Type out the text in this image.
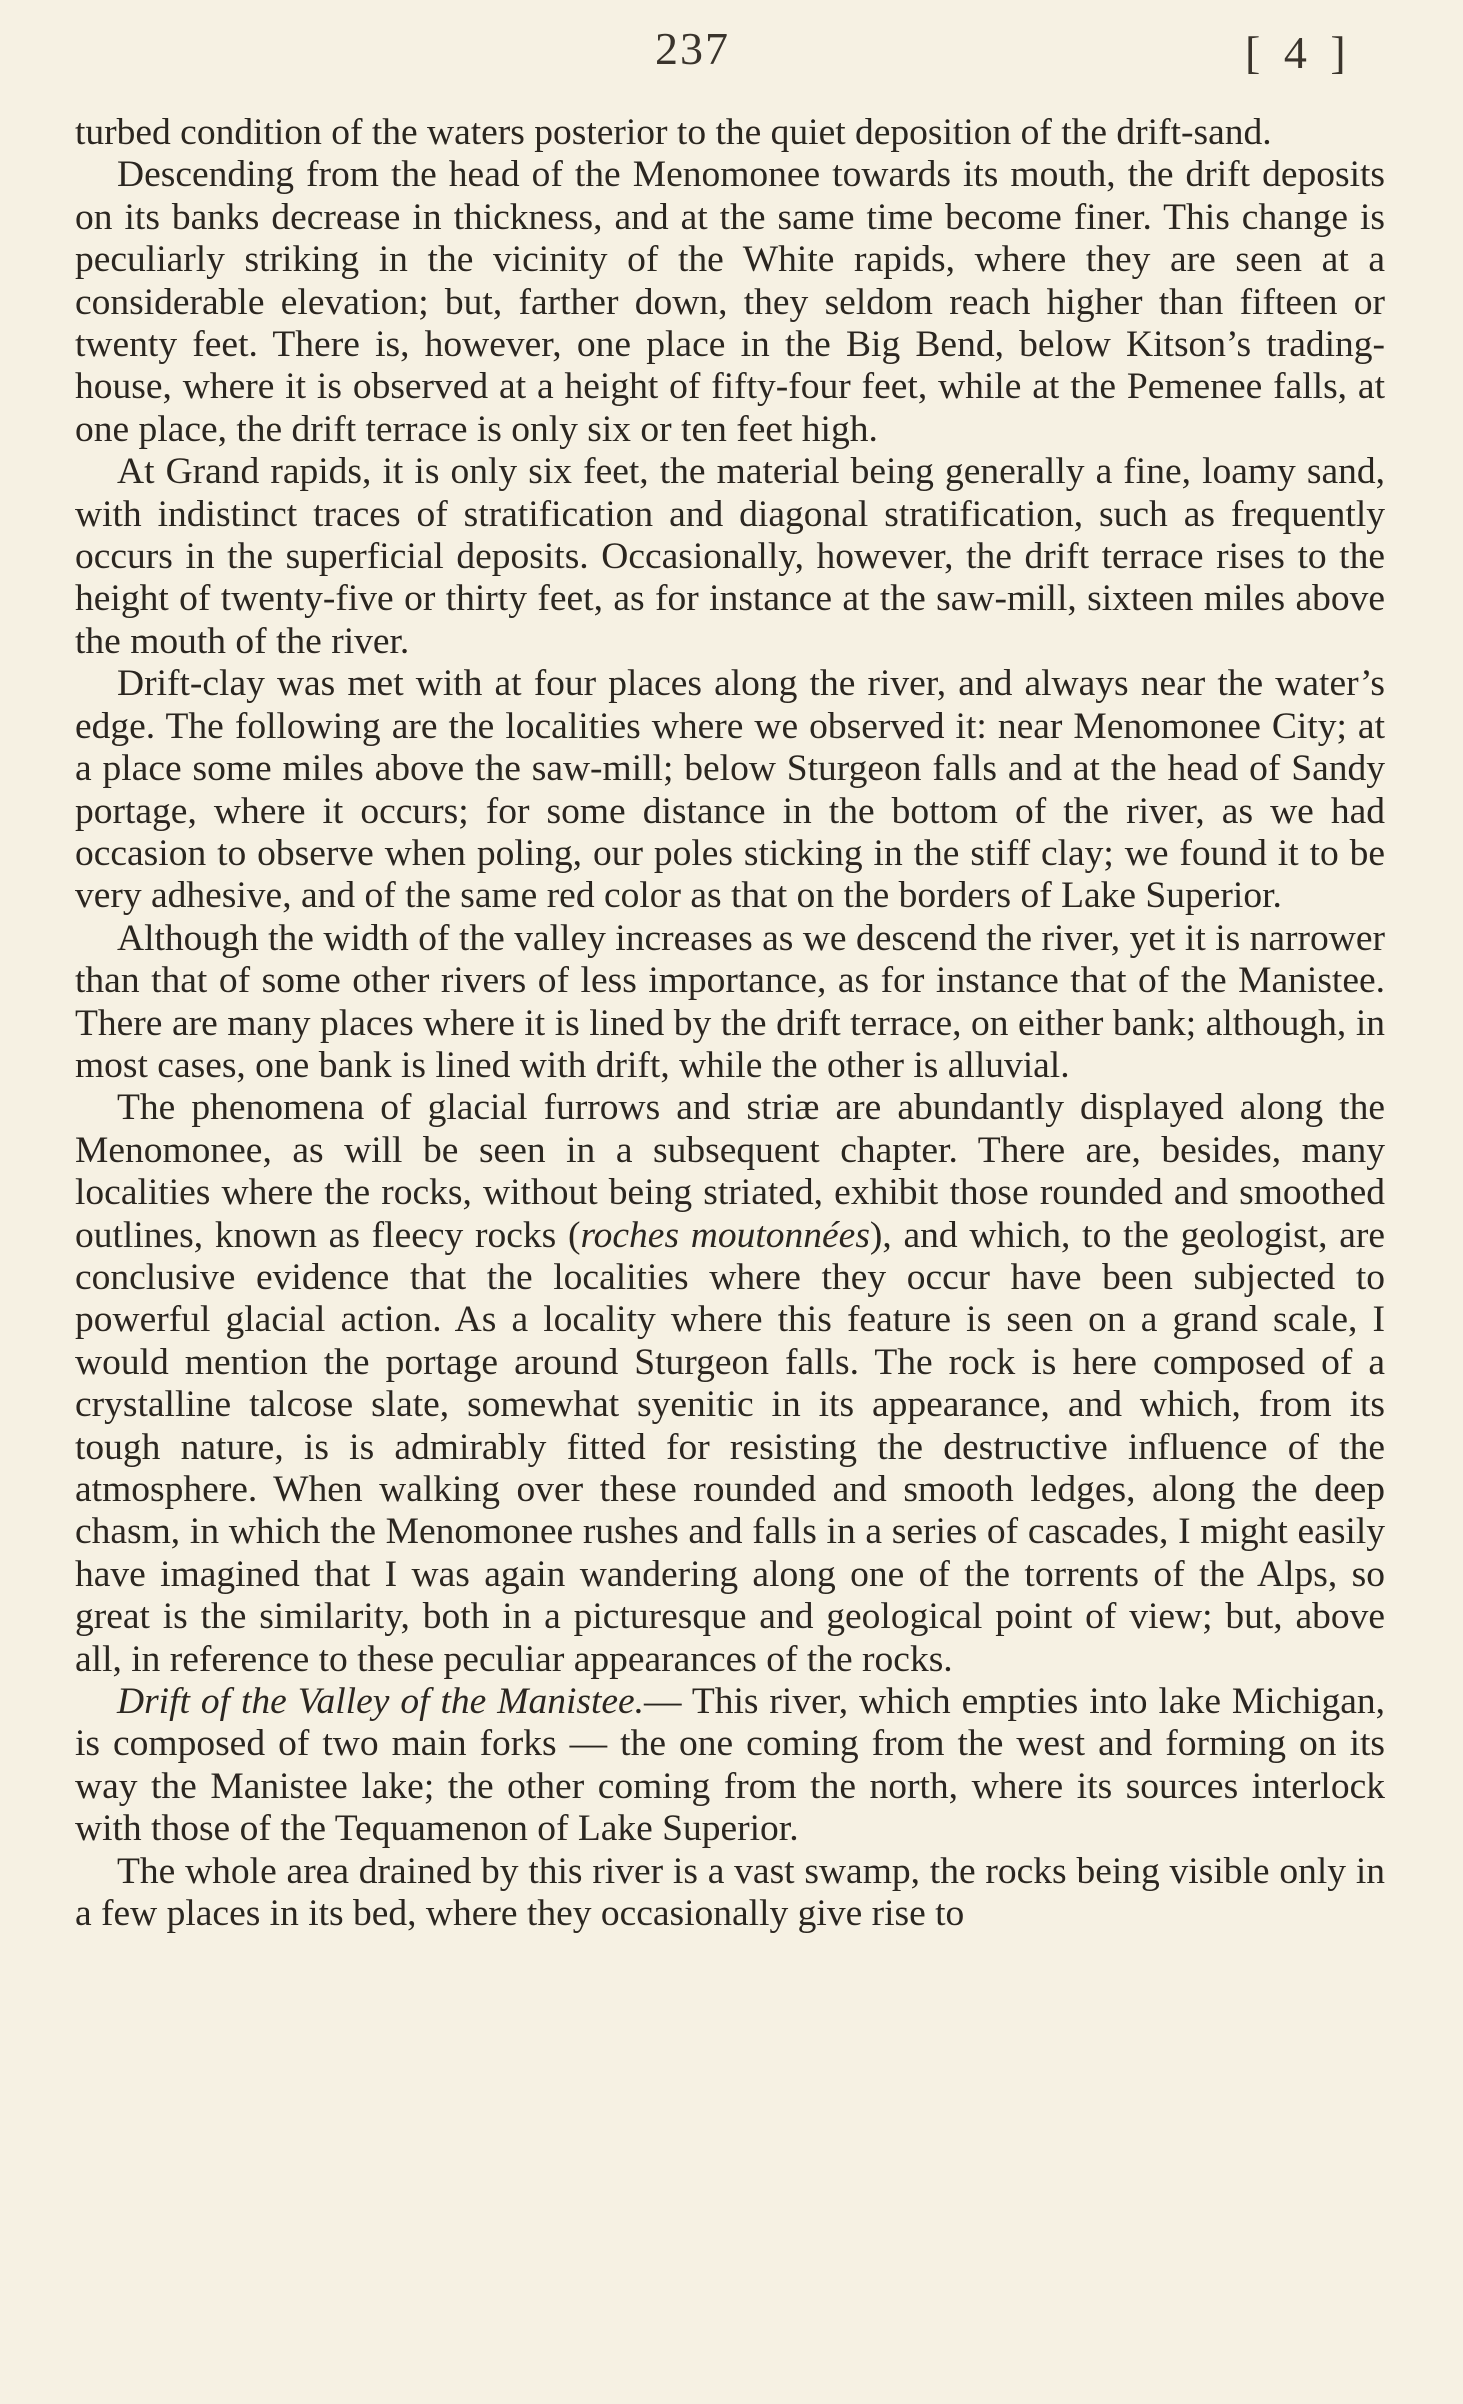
237	[ 4 ]

turbed condition of the waters posterior to the quiet deposition of the drift-sand.

Descending from the head of the Menomonee towards its mouth, the drift deposits on its banks decrease in thickness, and at the same time become finer. This change is peculiarly striking in the vicinity of the White rapids, where they are seen at a considerable elevation; but, farther down, they seldom reach higher than fifteen or twenty feet. There is, however, one place in the Big Bend, below Kitson’s trading-house, where it is observed at a height of fifty-four feet, while at the Pemenee falls, at one place, the drift terrace is only six or ten feet high.

At Grand rapids, it is only six feet, the material being generally a fine, loamy sand, with indistinct traces of stratification and diagonal stratification, such as frequently occurs in the superficial deposits. Occasionally, however, the drift terrace rises to the height of twenty-five or thirty feet, as for instance at the saw-mill, sixteen miles above the mouth of the river.

Drift-clay was met with at four places along the river, and always near the water’s edge. The following are the localities where we observed it: near Menomonee City; at a place some miles above the saw-mill; below Sturgeon falls and at the head of Sandy portage, where it occurs; for some distance in the bottom of the river, as we had occasion to observe when poling, our poles sticking in the stiff clay; we found it to be very adhesive, and of the same red color as that on the borders of Lake Superior.

Although the width of the valley increases as we descend the river, yet it is narrower than that of some other rivers of less importance, as for instance that of the Manistee. There are many places where it is lined by the drift terrace, on either bank; although, in most cases, one bank is lined with drift, while the other is alluvial.

The phenomena of glacial furrows and striæ are abundantly displayed along the Menomonee, as will be seen in a subsequent chapter. There are, besides, many localities where the rocks, without being striated, exhibit those rounded and smoothed outlines, known as fleecy rocks (roches moutonnées), and which, to the geologist, are conclusive evidence that the localities where they occur have been subjected to powerful glacial action. As a locality where this feature is seen on a grand scale, I would mention the portage around Sturgeon falls. The rock is here composed of a crystalline talcose slate, somewhat syenitic in its appearance, and which, from its tough nature, is is admirably fitted for resisting the destructive influence of the atmosphere. When walking over these rounded and smooth ledges, along the deep chasm, in which the Menomonee rushes and falls in a series of cascades, I might easily have imagined that I was again wandering along one of the torrents of the Alps, so great is the similarity, both in a picturesque and geological point of view; but, above all, in reference to these peculiar appearances of the rocks.

Drift of the Valley of the Manistee.— This river, which empties into lake Michigan, is composed of two main forks — the one coming from the west and forming on its way the Manistee lake; the other coming from the north, where its sources interlock with those of the Tequamenon of Lake Superior.

The whole area drained by this river is a vast swamp, the rocks being visible only in a few places in its bed, where they occasionally give rise to
